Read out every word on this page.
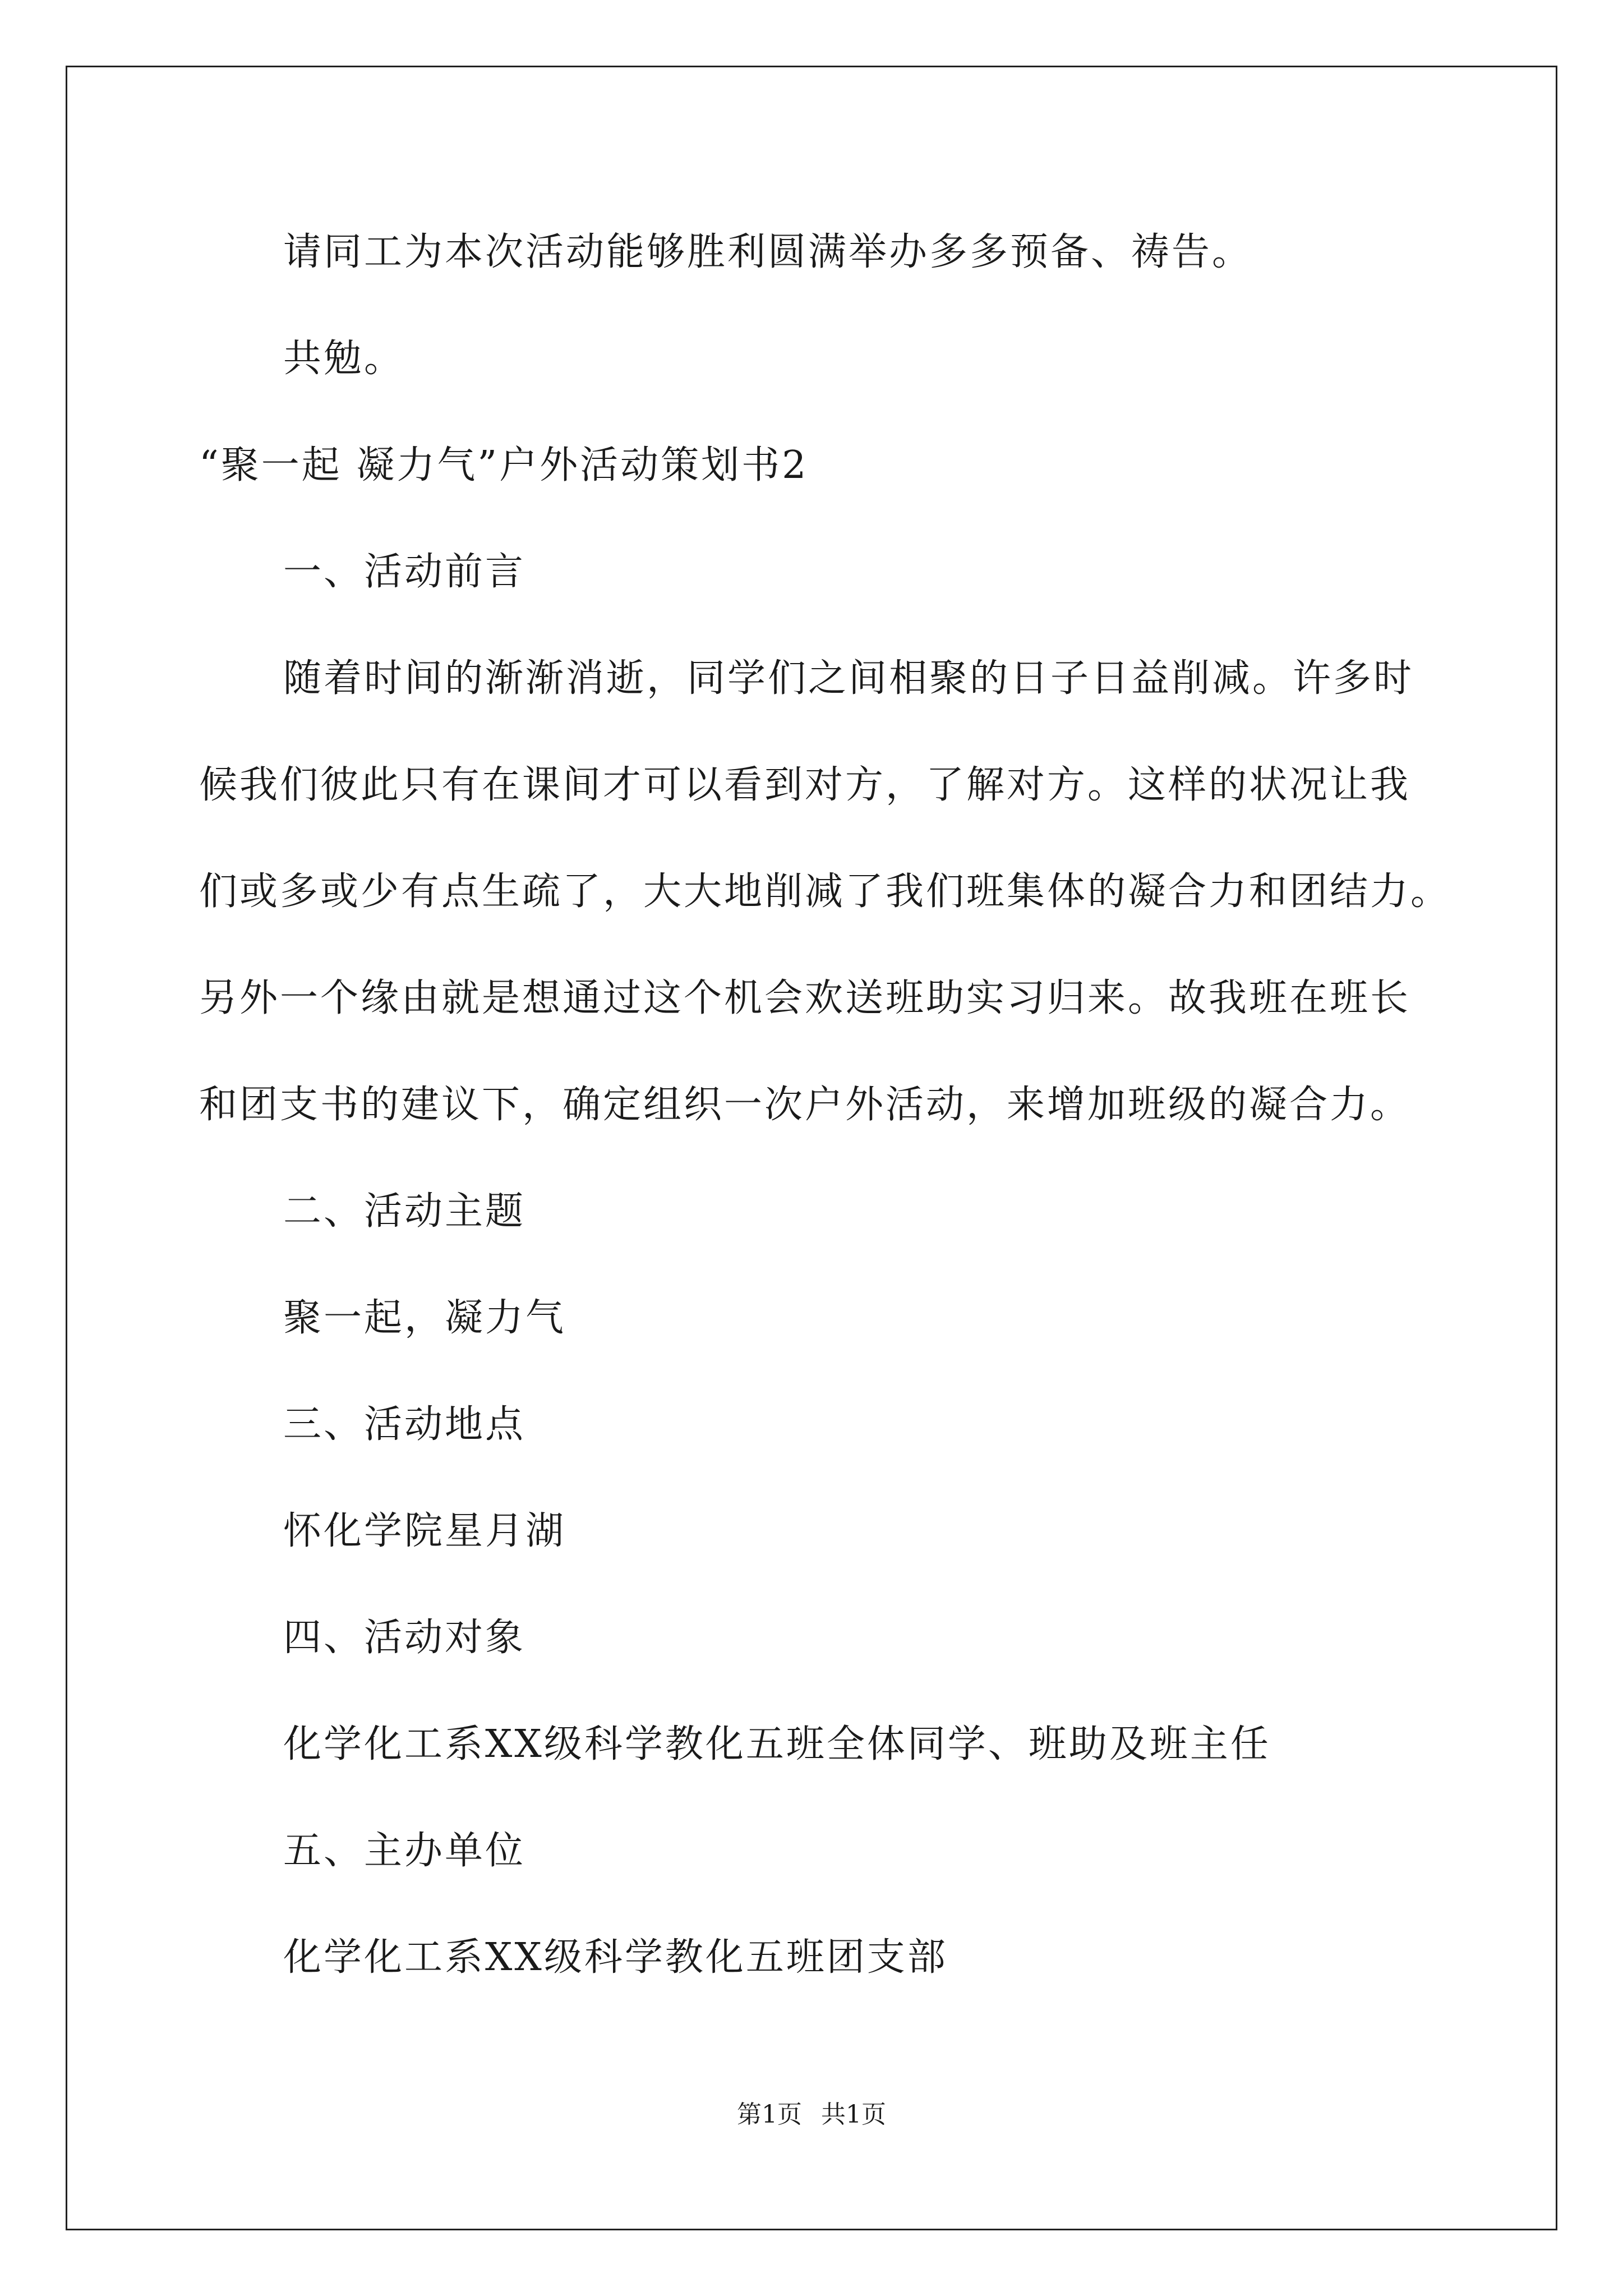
请同工为本次活动能够胜利圆满举办多多预备、祷告。
共勉。
“聚一起 凝力气”户外活动策划书2
一、活动前言
随着时间的渐渐消逝，同学们之间相聚的日子日益削减。许多时
候我们彼此只有在课间才可以看到对方，了解对方。这样的状况让我
们或多或少有点生疏了，大大地削减了我们班集体的凝合力和团结力。
另外一个缘由就是想通过这个机会欢送班助实习归来。故我班在班长
和团支书的建议下，确定组织一次户外活动，来增加班级的凝合力。
二、活动主题
聚一起，凝力气
三、活动地点
怀化学院星月湖
四、活动对象
化学化工系XX级科学教化五班全体同学、班助及班主任
五、主办单位
化学化工系XX级科学教化五班团支部
第1页 共1页
